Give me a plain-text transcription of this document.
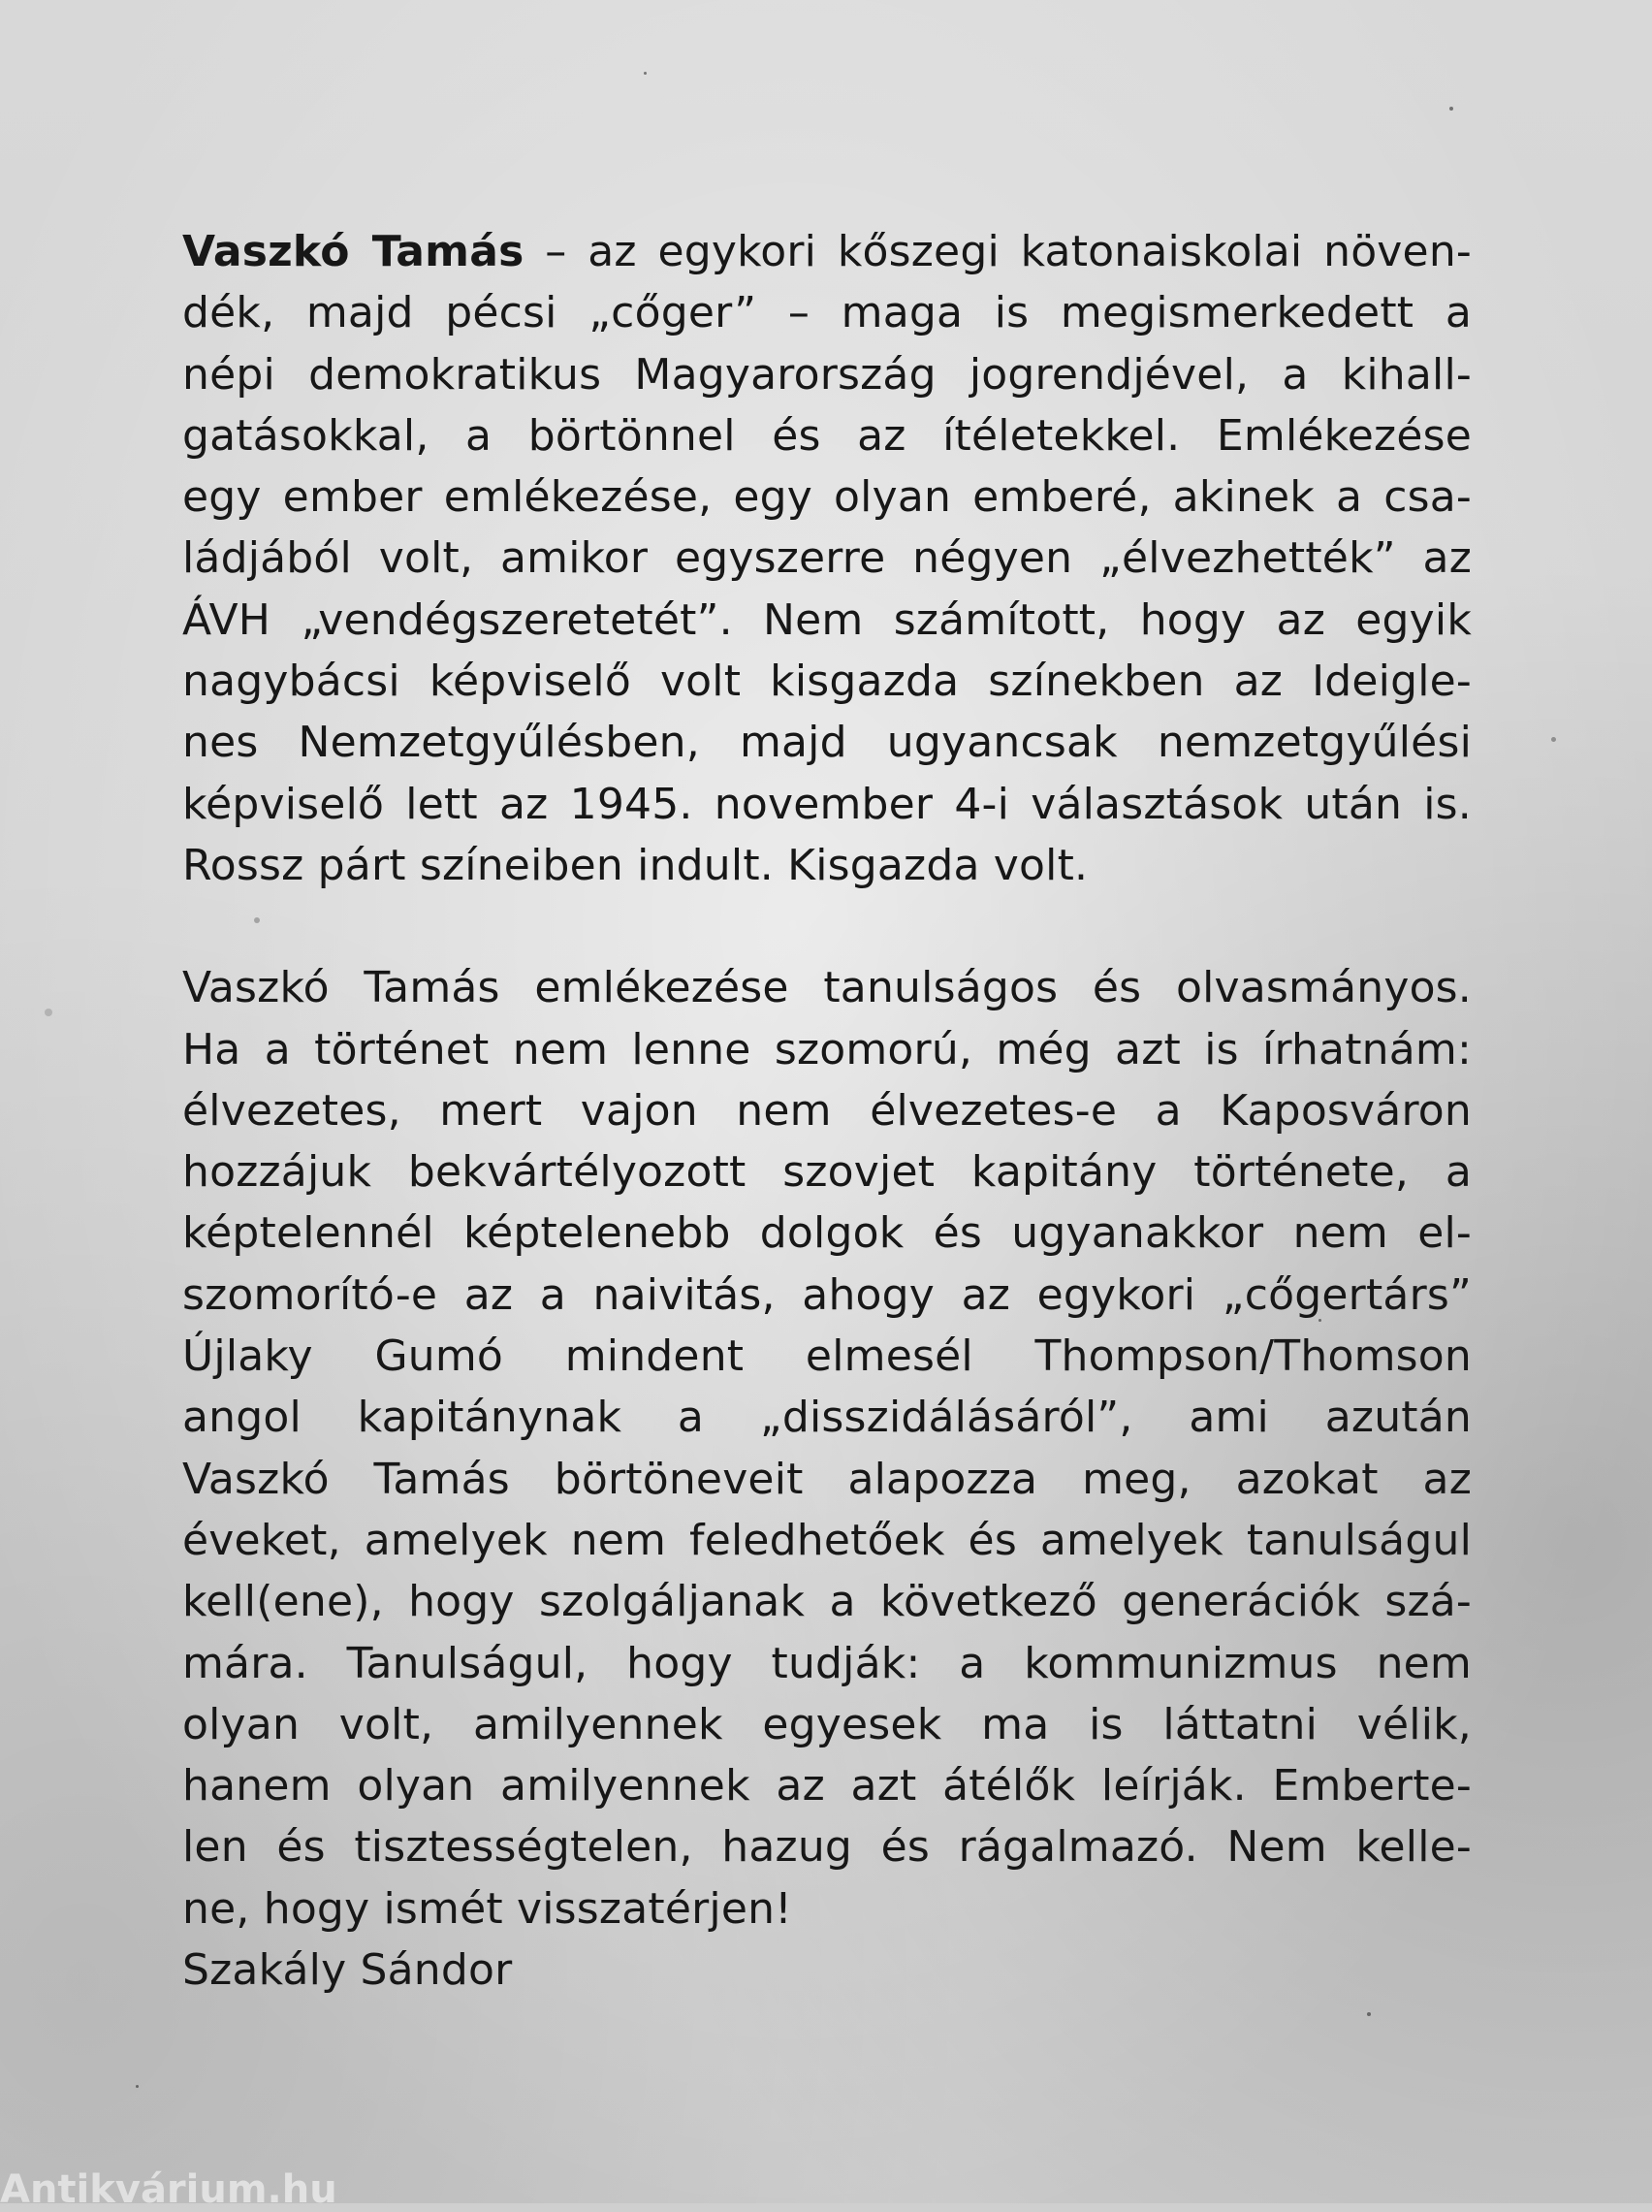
Vaszkó Tamás – az egykori kőszegi katonaiskolai növen-
dék, majd pécsi „cőger” – maga is megismerkedett a
népi demokratikus Magyarország jogrendjével, a kihall-
gatásokkal, a börtönnel és az ítéletekkel. Emlékezése
egy ember emlékezése, egy olyan emberé, akinek a csa-
ládjából volt, amikor egyszerre négyen „élvezhették” az
ÁVH „vendégszeretetét”. Nem számított, hogy az egyik
nagybácsi képviselő volt kisgazda színekben az Ideigle-
nes Nemzetgyűlésben, majd ugyancsak nemzetgyűlési
képviselő lett az 1945. november 4-i választások után is.
Rossz párt színeiben indult. Kisgazda volt.

Vaszkó Tamás emlékezése tanulságos és olvasmányos.
Ha a történet nem lenne szomorú, még azt is írhatnám:
élvezetes, mert vajon nem élvezetes-e a Kaposváron
hozzájuk bekvártélyozott szovjet kapitány története, a
képtelennél képtelenebb dolgok és ugyanakkor nem el-
szomorító-e az a naivitás, ahogy az egykori „cőgertárs”
Újlaky Gumó mindent elmesél Thompson/Thomson
angol kapitánynak a „disszidálásáról”, ami azután
Vaszkó Tamás börtöneveit alapozza meg, azokat az
éveket, amelyek nem feledhetőek és amelyek tanulságul
kell(ene), hogy szolgáljanak a következő generációk szá-
mára. Tanulságul, hogy tudják: a kommunizmus nem
olyan volt, amilyennek egyesek ma is láttatni vélik,
hanem olyan amilyennek az azt átélők leírják. Emberte-
len és tisztességtelen, hazug és rágalmazó. Nem kelle-
ne, hogy ismét visszatérjen!
Szakály Sándor

Antikvárium.hu
